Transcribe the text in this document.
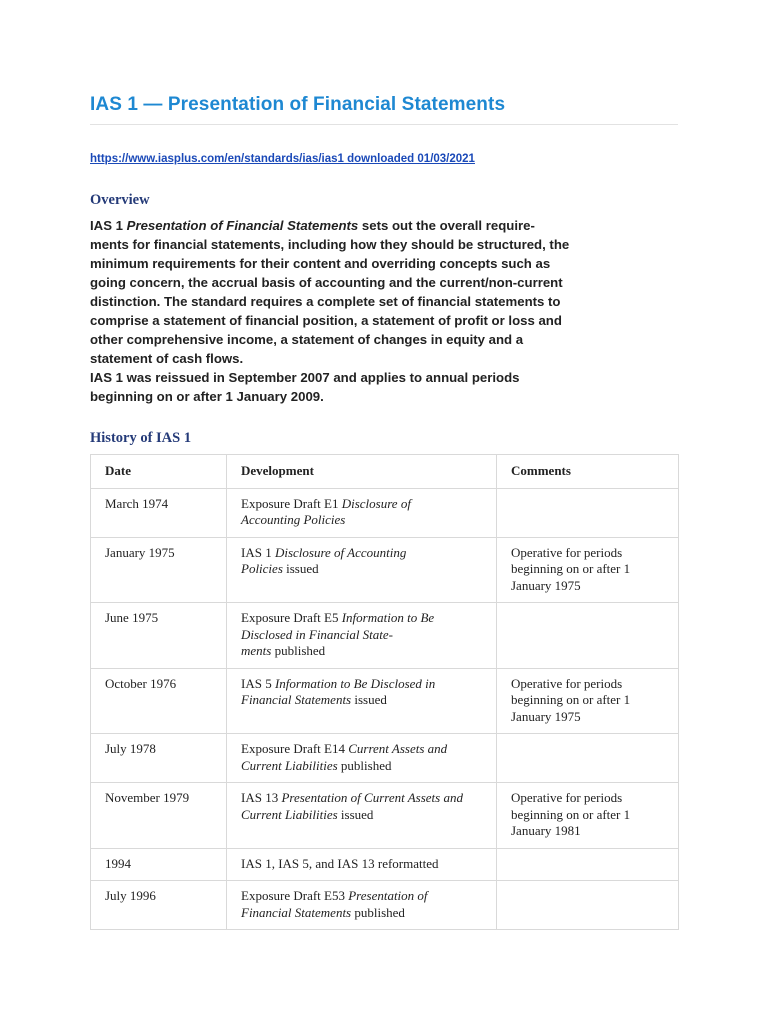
IAS 1 — Presentation of Financial Statements
https://www.iasplus.com/en/standards/ias/ias1 downloaded 01/03/2021
Overview

IAS 1 Presentation of Financial Statements sets out the overall require-
ments for financial statements, including how they should be structured, the
minimum requirements for their content and overriding concepts such as
going concern, the accrual basis of accounting and the current/non-current
distinction. The standard requires a complete set of financial statements to
comprise a statement of financial position, a statement of profit or loss and
other comprehensive income, a statement of changes in equity and a
statement of cash flows.
IAS 1 was reissued in September 2007 and applies to annual periods
beginning on or after 1 January 2009.

History of IAS 1
Date	Development	Comments
March 1974	Exposure Draft E1 Disclosure of
Accounting Policies	
January 1975	IAS 1 Disclosure of Accounting
Policies issued	Operative for periods
beginning on or after 1
January 1975
June 1975	Exposure Draft E5 Information to Be
Disclosed in Financial State-
ments published	
October 1976	IAS 5 Information to Be Disclosed in
Financial Statements issued	Operative for periods
beginning on or after 1
January 1975
July 1978	Exposure Draft E14 Current Assets and
Current Liabilities published	
November 1979	IAS 13 Presentation of Current Assets and
Current Liabilities issued	Operative for periods
beginning on or after 1
January 1981
1994	IAS 1, IAS 5, and IAS 13 reformatted	
July 1996	Exposure Draft E53 Presentation of
Financial Statements published	
